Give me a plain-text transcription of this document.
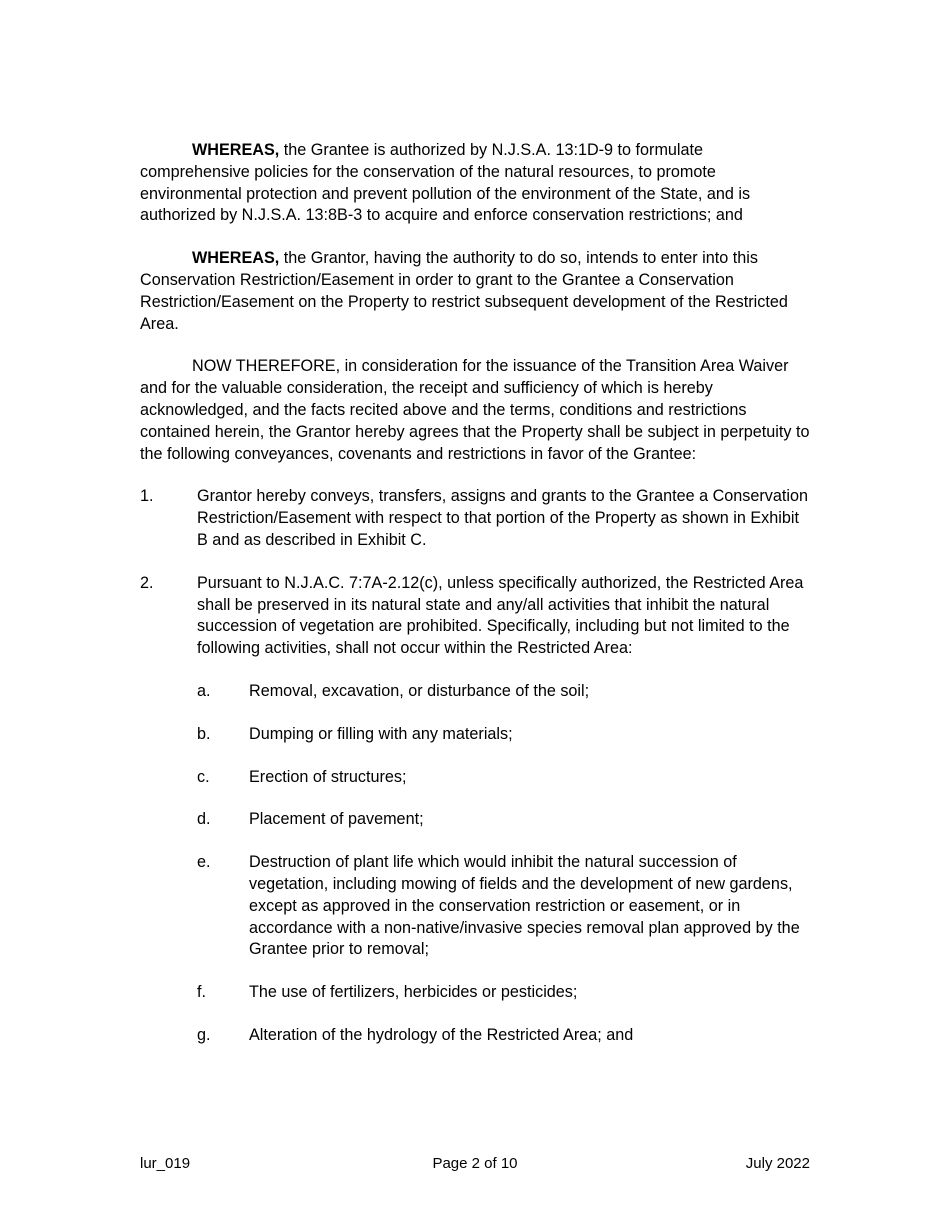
WHEREAS, the Grantee is authorized by N.J.S.A. 13:1D-9 to formulate comprehensive policies for the conservation of the natural resources, to promote environmental protection and prevent pollution of the environment of the State, and is authorized by N.J.S.A. 13:8B-3 to acquire and enforce conservation restrictions; and

WHEREAS, the Grantor, having the authority to do so, intends to enter into this Conservation Restriction/Easement in order to grant to the Grantee a Conservation Restriction/Easement on the Property to restrict subsequent development of the Restricted Area.

NOW THEREFORE, in consideration for the issuance of the Transition Area Waiver and for the valuable consideration, the receipt and sufficiency of which is hereby acknowledged, and the facts recited above and the terms, conditions and restrictions contained herein, the Grantor hereby agrees that the Property shall be subject in perpetuity to the following conveyances, covenants and restrictions in favor of the Grantee:

1.	Grantor hereby conveys, transfers, assigns and grants to the Grantee a Conservation Restriction/Easement with respect to that portion of the Property as shown in Exhibit B and as described in Exhibit C.
2.	Pursuant to N.J.A.C. 7:7A-2.12(c), unless specifically authorized, the Restricted Area shall be preserved in its natural state and any/all activities that inhibit the natural succession of vegetation are prohibited. Specifically, including but not limited to the following activities, shall not occur within the Restricted Area:
a.	Removal, excavation, or disturbance of the soil;
b.	Dumping or filling with any materials;
c.	Erection of structures;
d.	Placement of pavement;
e.	Destruction of plant life which would inhibit the natural succession of vegetation, including mowing of fields and the development of new gardens, except as approved in the conservation restriction or easement, or in accordance with a non-native/invasive species removal plan approved by the Grantee prior to removal;
f.	The use of fertilizers, herbicides or pesticides;
g.	Alteration of the hydrology of the Restricted Area; and
lur_019	Page 2 of 10	July 2022
